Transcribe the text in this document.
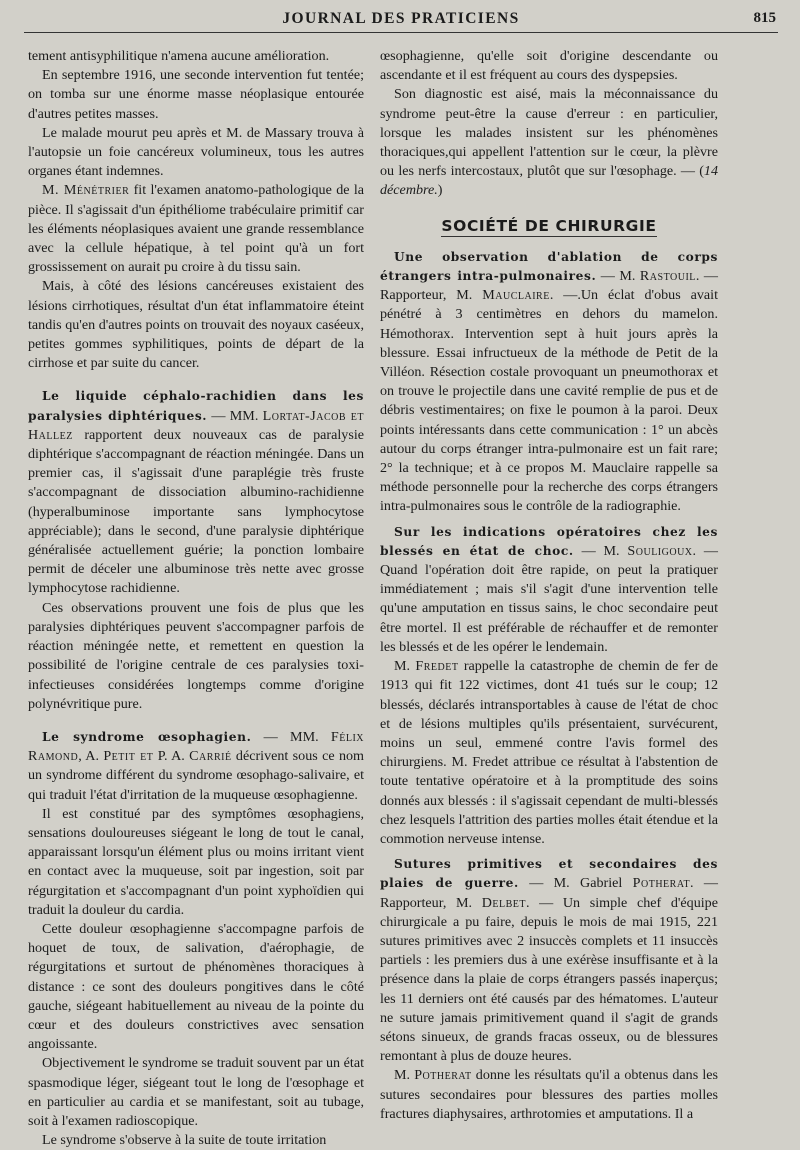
JOURNAL DES PRATICIENS	815

tement antisyphilitique n'amena aucune amélioration.

En septembre 1916, une seconde intervention fut tentée; on tomba sur une énorme masse néoplasique entourée d'autres petites masses.

Le malade mourut peu après et M. de Massary trouva à l'autopsie un foie cancéreux volumineux, tous les autres organes étant indemnes.

M. Ménétrier fit l'examen anatomo-pathologique de la pièce. Il s'agissait d'un épithéliome trabéculaire primitif car les éléments néoplasiques avaient une grande ressemblance avec la cellule hépatique, à tel point qu'à un fort grossissement on aurait pu croire à du tissu sain.

Mais, à côté des lésions cancéreuses existaient des lésions cirrhotiques, résultat d'un état inflammatoire éteint tandis qu'en d'autres points on trouvait des noyaux caséeux, petites gommes syphilitiques, points de départ de la cirrhose et par suite du cancer.

Le liquide céphalo-rachidien dans les paralysies diphtériques. — MM. Lortat-Jacob et Hallez rapportent deux nouveaux cas de paralysie diphtérique s'accompagnant de réaction méningée. Dans un premier cas, il s'agissait d'une paraplégie très fruste s'accompagnant de dissociation albumino-rachidienne (hyperalbuminose importante sans lymphocytose appréciable); dans le second, d'une paralysie diphtérique généralisée actuellement guérie; la ponction lombaire permit de déceler une albuminose très nette avec grosse lymphocytose rachidienne.

Ces observations prouvent une fois de plus que les paralysies diphtériques peuvent s'accompagner parfois de réaction méningée nette, et remettent en question la possibilité de l'origine centrale de ces paralysies toxi-infectieuses considérées longtemps comme d'origine polynévritique pure.

Le syndrome œsophagien. — MM. Félix Ramond, A. Petit et P. A. Carrié décrivent sous ce nom un syndrome différent du syndrome œsophago-salivaire, et qui traduit l'état d'irritation de la muqueuse œsophagienne.

Il est constitué par des symptômes œsophagiens, sensations douloureuses siégeant le long de tout le canal, apparaissant lorsqu'un élément plus ou moins irritant vient en contact avec la muqueuse, soit par ingestion, soit par régurgitation et s'accompagnant d'un point xyphoïdien qui traduit la douleur du cardia.

Cette douleur œsophagienne s'accompagne parfois de hoquet de toux, de salivation, d'aérophagie, de régurgitations et surtout de phénomènes thoraciques à distance : ce sont des douleurs pongitives dans le côté gauche, siégeant habituellement au niveau de la pointe du cœur et des douleurs constrictives avec sensation angoissante.

Objectivement le syndrome se traduit souvent par un état spasmodique léger, siégeant tout le long de l'œsophage et en particulier au cardia et se manifestant, soit au tubage, soit à l'examen radioscopique.

Le syndrome s'observe à la suite de toute irritation

œsophagienne, qu'elle soit d'origine descendante ou ascendante et il est fréquent au cours des dyspepsies.

Son diagnostic est aisé, mais la méconnaissance du syndrome peut-être la cause d'erreur : en particulier, lorsque les malades insistent sur les phénomènes thoraciques,qui appellent l'attention sur le cœur, la plèvre ou les nerfs intercostaux, plutôt que sur l'œsophage. — (14 décembre.)

SOCIÉTÉ DE CHIRURGIE

Une observation d'ablation de corps étrangers intra-pulmonaires. — M. Rastouil. — Rapporteur, M. Mauclaire. —.Un éclat d'obus avait pénétré à 3 centimètres en dehors du mamelon. Hémothorax. Intervention sept à huit jours après la blessure. Essai infructueux de la méthode de Petit de la Villéon. Résection costale provoquant un pneumothorax et on trouve le projectile dans une cavité remplie de pus et de débris vestimentaires; on fixe le poumon à la paroi. Deux points intéressants dans cette communication : 1° un abcès autour du corps étranger intra-pulmonaire est un fait rare; 2° la technique; et à ce propos M. Mauclaire rappelle sa méthode personnelle pour la recherche des corps étrangers intra-pulmonaires sous le contrôle de la radiographie.

Sur les indications opératoires chez les blessés en état de choc. — M. Souligoux. — Quand l'opération doit être rapide, on peut la pratiquer immédiatement ; mais s'il s'agit d'une intervention telle qu'une amputation en tissus sains, le choc secondaire peut être mortel. Il est préférable de réchauffer et de remonter les blessés et de les opérer le lendemain.

M. Fredet rappelle la catastrophe de chemin de fer de 1913 qui fit 122 victimes, dont 41 tués sur le coup; 12 blessés, déclarés intransportables à cause de l'état de choc et de lésions multiples qu'ils présentaient, survécurent, moins un seul, emmené contre l'avis formel des chirurgiens. M. Fredet attribue ce résultat à l'abstention de toute tentative opératoire et à la promptitude des soins donnés aux blessés : il s'agissait cependant de multi-blessés chez lesquels l'attrition des parties molles était étendue et la commotion nerveuse intense.

Sutures primitives et secondaires des plaies de guerre. — M. Gabriel Potherat. — Rapporteur, M. Delbet. — Un simple chef d'équipe chirurgicale a pu faire, depuis le mois de mai 1915, 221 sutures primitives avec 2 insuccès complets et 11 insuccès partiels : les premiers dus à une exérèse insuffisante et à la présence dans la plaie de corps étrangers passés inaperçus; les 11 derniers ont été causés par des hématomes. L'auteur ne suture jamais primitivement quand il s'agit de grands sétons sinueux, de grands fracas osseux, ou de blessures remontant à plus de douze heures.

M. Potherat donne les résultats qu'il a obtenus dans les sutures secondaires pour blessures des parties molles fractures diaphysaires, arthrotomies et amputations. Il a
